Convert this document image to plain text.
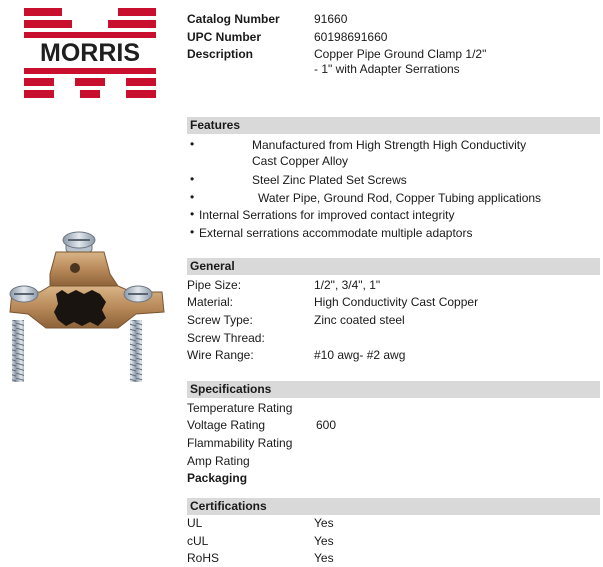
MORRIS
Catalog Number	91660
UPC Number	60198691660
Description	Copper Pipe Ground Clamp 1/2"
- 1" with Adapter Serrations
Features
•	Manufactured from High Strength High Conductivity
Cast Copper Alloy
•	Steel Zinc Plated Set Screws
•	Water Pipe, Ground Rod, Copper Tubing applications
• Internal Serrations for improved contact integrity
• External serrations accommodate multiple adaptors
General
Pipe Size:	1/2", 3/4", 1"
Material:	High Conductivity Cast Copper
Screw Type:	Zinc coated steel
Screw Thread:
Wire Range:	#10 awg- #2 awg
Specifications
Temperature Rating
Voltage Rating	600
Flammability Rating
Amp Rating
Packaging
Certifications
UL	Yes
cUL	Yes
RoHS	Yes
